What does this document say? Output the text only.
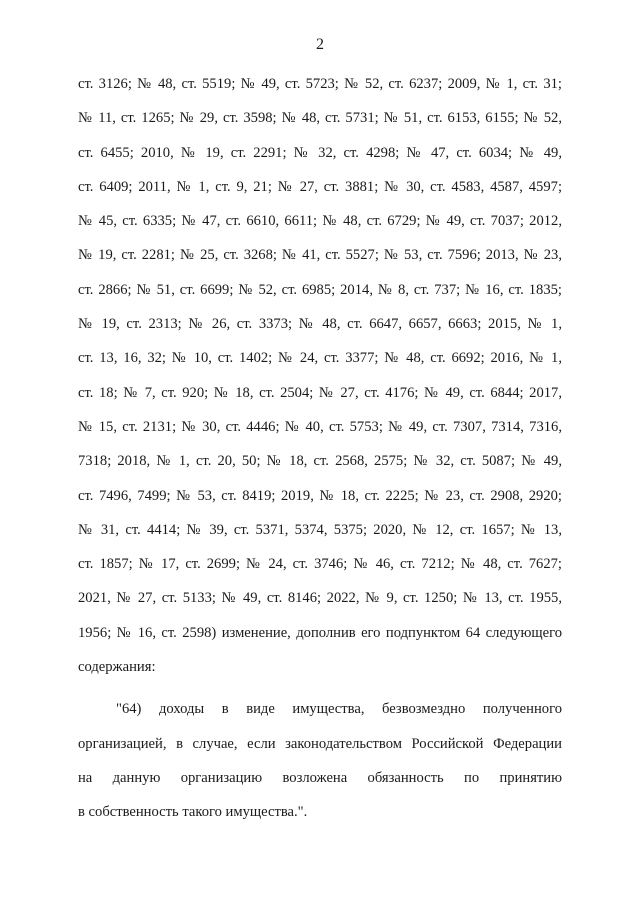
2
ст. 3126; № 48, ст. 5519; № 49, ст. 5723; № 52, ст. 6237; 2009, № 1, ст. 31;
№ 11, ст. 1265; № 29, ст. 3598; № 48, ст. 5731; № 51, ст. 6153, 6155; № 52,
ст. 6455; 2010, № 19, ст. 2291; № 32, ст. 4298; № 47, ст. 6034; № 49,
ст. 6409; 2011, № 1, ст. 9, 21; № 27, ст. 3881; № 30, ст. 4583, 4587, 4597;
№ 45, ст. 6335; № 47, ст. 6610, 6611; № 48, ст. 6729; № 49, ст. 7037; 2012,
№ 19, ст. 2281; № 25, ст. 3268; № 41, ст. 5527; № 53, ст. 7596; 2013, № 23,
ст. 2866; № 51, ст. 6699; № 52, ст. 6985; 2014, № 8, ст. 737; № 16, ст. 1835;
№ 19, ст. 2313; № 26, ст. 3373; № 48, ст. 6647, 6657, 6663; 2015, № 1,
ст. 13, 16, 32; № 10, ст. 1402; № 24, ст. 3377; № 48, ст. 6692; 2016, № 1,
ст. 18; № 7, ст. 920; № 18, ст. 2504; № 27, ст. 4176; № 49, ст. 6844; 2017,
№ 15, ст. 2131; № 30, ст. 4446; № 40, ст. 5753; № 49, ст. 7307, 7314, 7316,
7318; 2018, № 1, ст. 20, 50; № 18, ст. 2568, 2575; № 32, ст. 5087; № 49,
ст. 7496, 7499; № 53, ст. 8419; 2019, № 18, ст. 2225; № 23, ст. 2908, 2920;
№ 31, ст. 4414; № 39, ст. 5371, 5374, 5375; 2020, № 12, ст. 1657; № 13,
ст. 1857; № 17, ст. 2699; № 24, ст. 3746; № 46, ст. 7212; № 48, ст. 7627;
2021, № 27, ст. 5133; № 49, ст. 8146; 2022, № 9, ст. 1250; № 13, ст. 1955,
1956; № 16, ст. 2598) изменение, дополнив его подпунктом 64 следующего
содержания:
"64) доходы в виде имущества, безвозмездно полученного
организацией, в случае, если законодательством Российской Федерации
на данную организацию возложена обязанность по принятию
в собственность такого имущества.".
